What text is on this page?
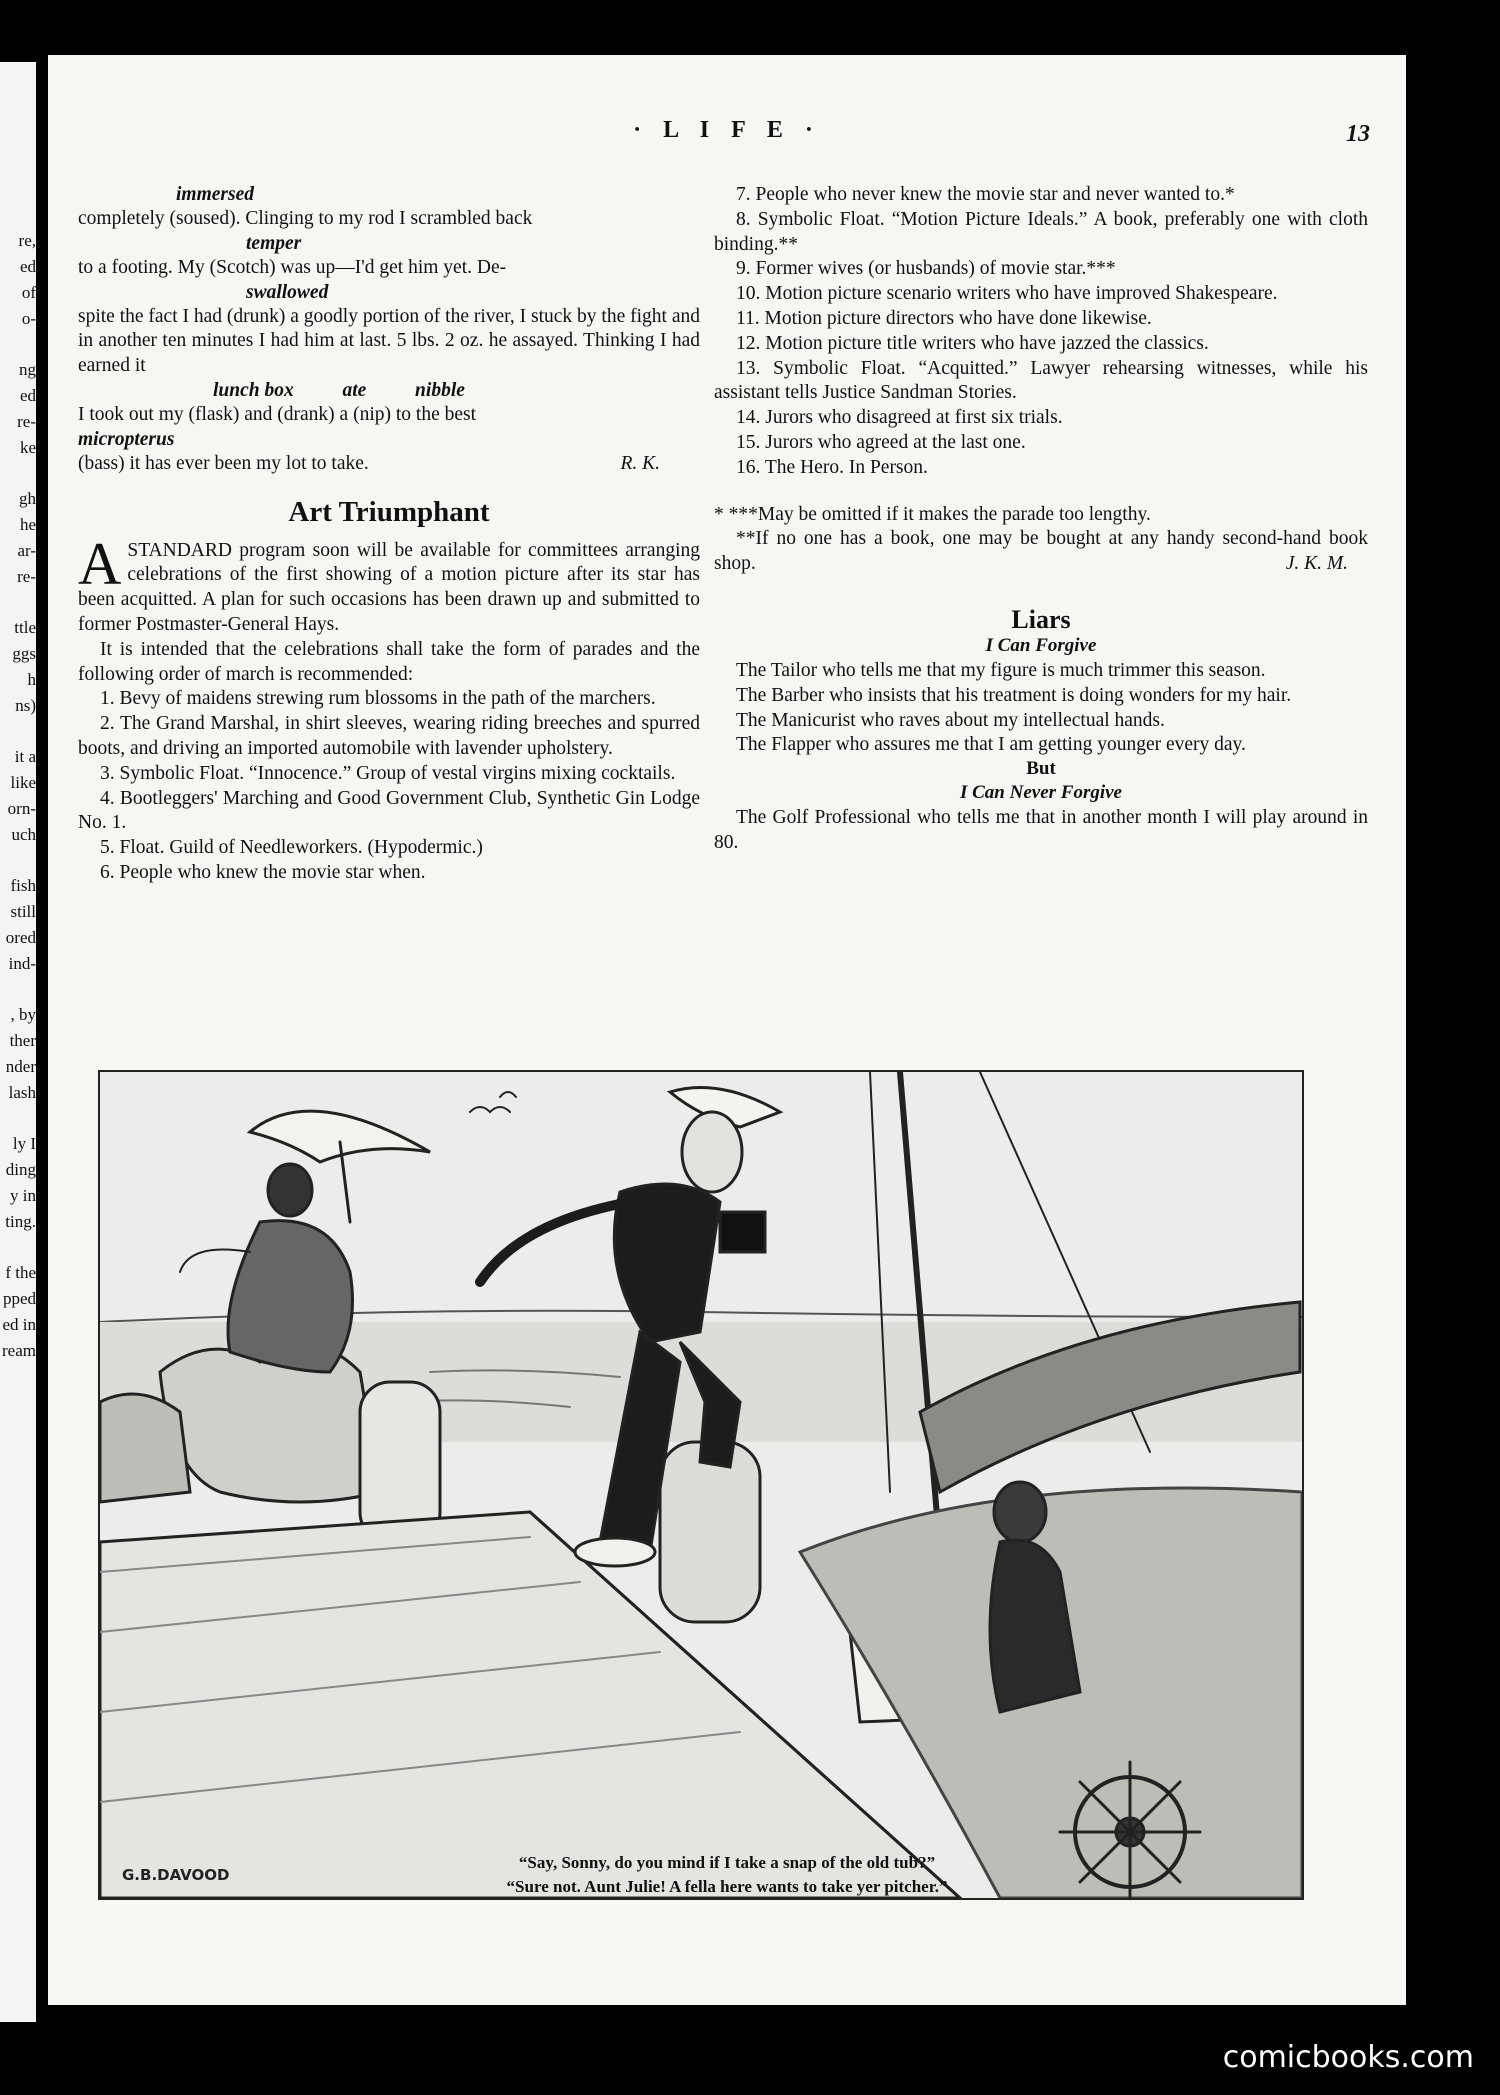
re,
ed
of
o-
ng
ed
re-
ke
gh
he
ar-
re-
ttle
ggs
h
ns)
it a
like
orn-
uch
fish
still
ored
ind-
, by
ther
nder
lash
ly I
ding
y in
ting.
f the
pped
ed in
ream
· L I F E ·	13
immersed
completely (soused). Clinging to my rod I scrambled back
temper
to a footing. My (Scotch) was up—I'd get him yet. De-
swallowed
spite the fact I had (drunk) a goodly portion of the river, I stuck by the fight and in another ten minutes I had him at last. 5 lbs. 2 oz. he assayed. Thinking I had earned it
lunch box          ate          nibble
I took out my (flask) and (drank) a (nip) to the best
micropterus
(bass) it has ever been my lot to take.	R. K.
Art Triumphant

ASTANDARD program soon will be available for committees arranging celebrations of the first showing of a motion picture after its star has been acquitted. A plan for such occasions has been drawn up and submitted to former Postmaster-General Hays.

It is intended that the celebrations shall take the form of parades and the following order of march is recommended:

1. Bevy of maidens strewing rum blossoms in the path of the marchers.

2. The Grand Marshal, in shirt sleeves, wearing riding breeches and spurred boots, and driving an imported automobile with lavender upholstery.

3. Symbolic Float. “Innocence.” Group of vestal virgins mixing cocktails.

4. Bootleggers' Marching and Good Government Club, Synthetic Gin Lodge No. 1.

5. Float. Guild of Needleworkers. (Hypodermic.)

6. People who knew the movie star when.

7. People who never knew the movie star and never wanted to.*

8. Symbolic Float. “Motion Picture Ideals.” A book, preferably one with cloth binding.**

9. Former wives (or husbands) of movie star.***

10. Motion picture scenario writers who have improved Shakespeare.

11. Motion picture directors who have done likewise.

12. Motion picture title writers who have jazzed the classics.

13. Symbolic Float. “Acquitted.” Lawyer rehearsing witnesses, while his assistant tells Justice Sandman Stories.

14. Jurors who disagreed at first six trials.

15. Jurors who agreed at the last one.

16. The Hero. In Person.

* ***May be omitted if it makes the parade too lengthy.

**If no one has a book, one may be bought at any handy second-hand book shop.	J. K. M.

Liars
I Can Forgive

The Tailor who tells me that my figure is much trimmer this season.

The Barber who insists that his treatment is doing wonders for my hair.

The Manicurist who raves about my intellectual hands.

The Flapper who assures me that I am getting younger every day.

But
I Can Never Forgive

The Golf Professional who tells me that in another month I will play around in 80.

G.B.DAVOOD
“Say, Sonny, do you mind if I take a snap of the old tub?”
“Sure not. Aunt Julie! A fella here wants to take yer pitcher.”
comicbooks.com
